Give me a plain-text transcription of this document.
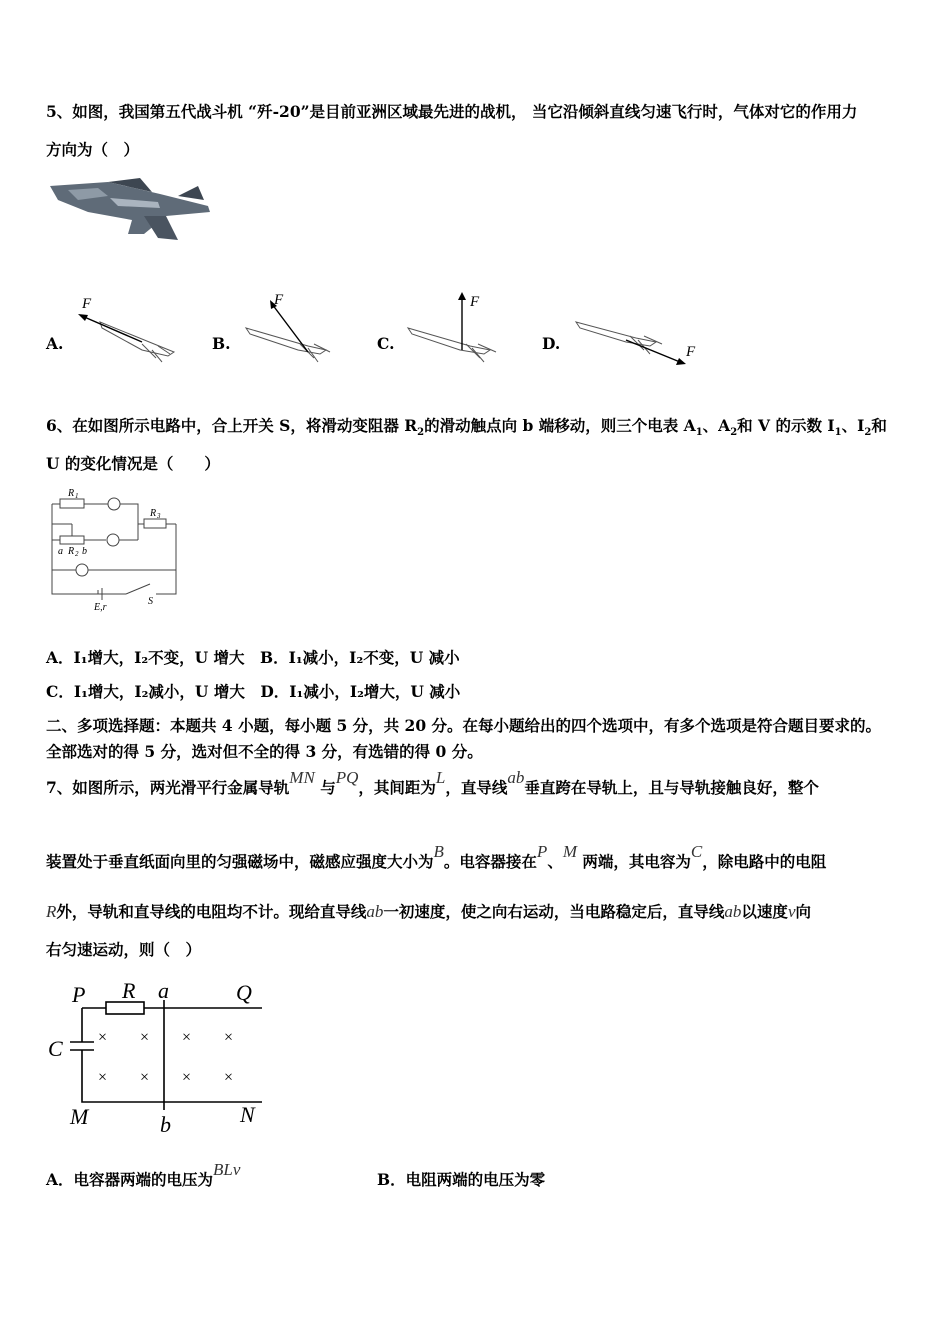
5、如图，我国第五代战斗机 “歼-20”是目前亚洲区域最先进的战机， 当它沿倾斜直线匀速飞行时，气体对它的作用力
方向为（　）
A.
F
B.
F
C.
F
D.	F
6、在如图所示电路中，合上开关 S，将滑动变阻器 $R_2$的滑动触点向 b 端移动，则三个电表 $A_1$、$A_2$和 V 的示数 $I_1$、$I_2$和
U 的变化情况是（　　）
R 1
R 3
a R 2 b
E,r
S
A．I₁增大，I₂不变，U 增大　 B．I₁减小，I₂不变，U 减小
C．I₁增大，I₂减小，U 增大　 D．I₁减小，I₂增大，U 减小
二、多项选择题：本题共 4 小题，每小题 5 分，共 20 分。在每小题给出的四个选项中，有多个选项是符合题目要求的。
全部选对的得 5 分，选对但不全的得 3 分，有选错的得 0 分。
7、如图所示，两光滑平行金属导轨MN 与PQ，其间距为L，直导线ab垂直跨在导轨上，且与导轨接触良好，整个
装置处于垂直纸面向里的匀强磁场中，磁感应强度大小为B。电容器接在P、M 两端，其电容为C，除电路中的电阻
R外，导轨和直导线的电阻均不计。现给直导线ab一初速度，使之向右运动，当电路稳定后，直导线ab以速度v向
右匀速运动，则（　）
P R a	Q
C
M	b	N
× × × ×
× × × ×
A．电容器两端的电压为BLv
B．电阻两端的电压为零
